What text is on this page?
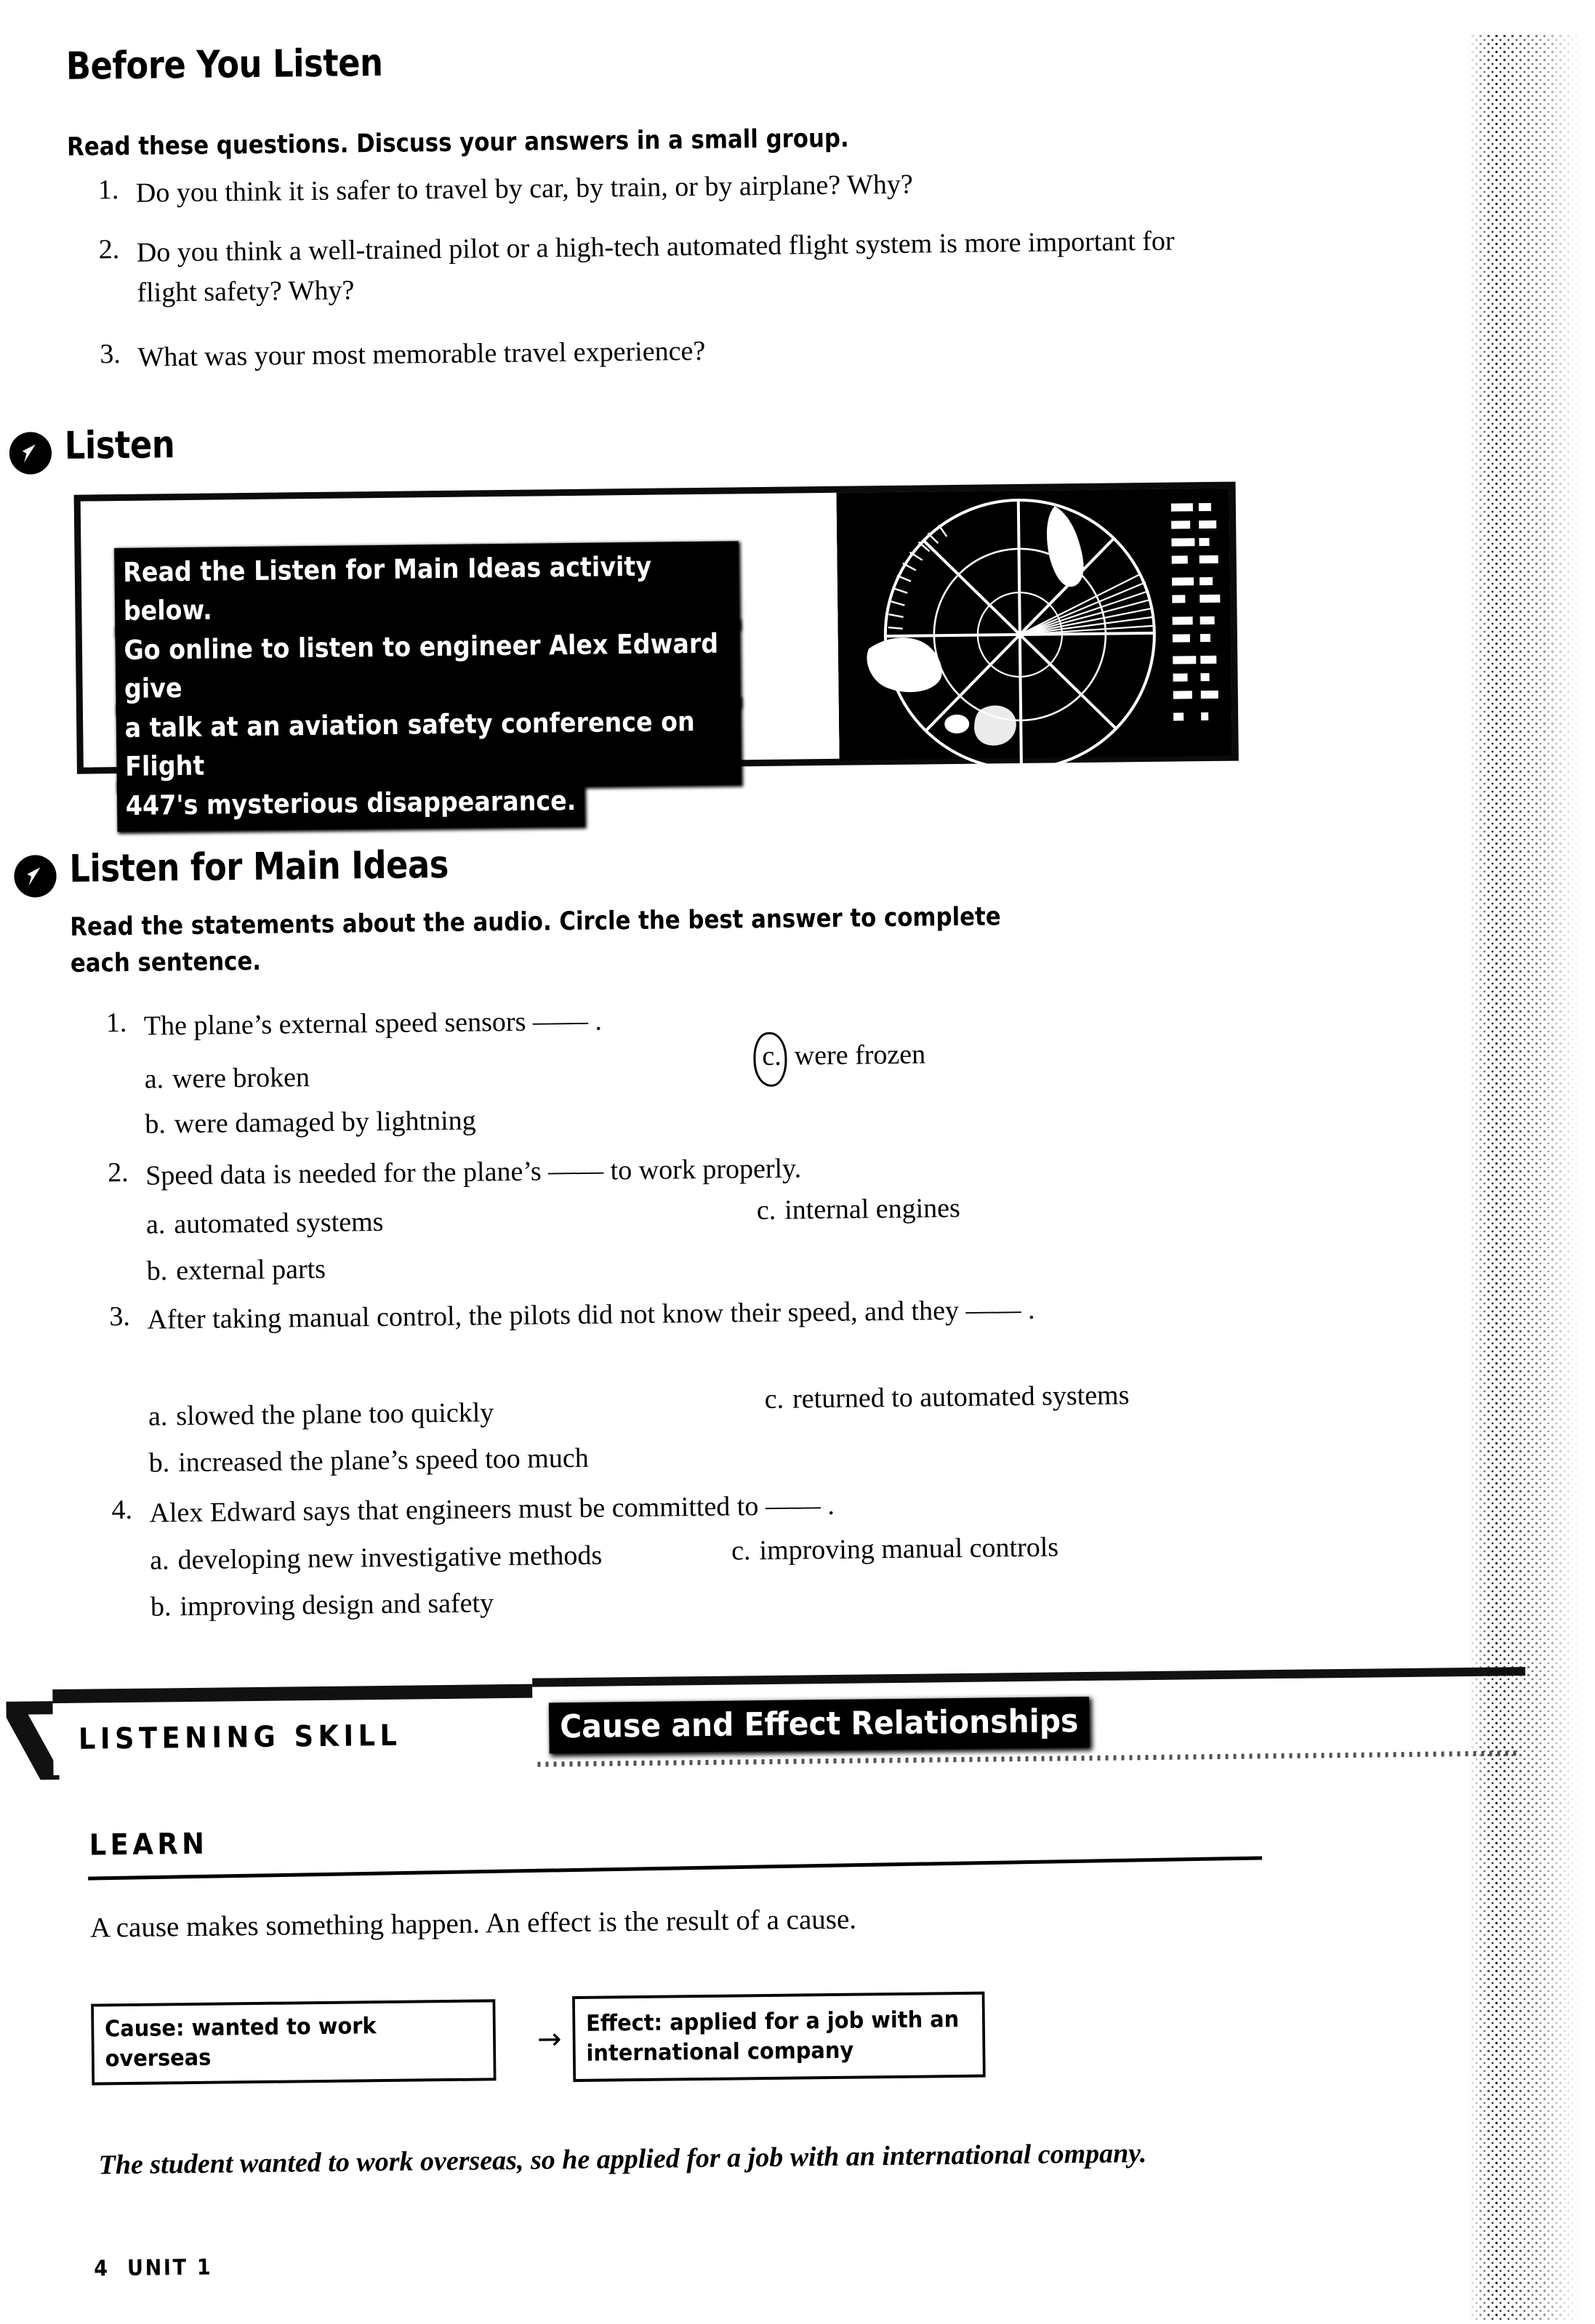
Before You Listen
Read these questions. Discuss your answers in a small group.
1. Do you think it is safer to travel by car, by train, or by airplane? Why?
2. Do you think a well-trained pilot or a high-tech automated flight system is more important for flight safety? Why?
3. What was your most memorable travel experience?
Listen
Read the Listen for Main Ideas activity below.
Go online to listen to engineer Alex Edward give
a talk at an aviation safety conference on Flight
447's mysterious disappearance.
Listen for Main Ideas
Read the statements about the audio. Circle the best answer to complete each sentence.
1. The plane’s external speed sensors —— .
a. were broken
b. were damaged by lightning
c. were frozen
2. Speed data is needed for the plane’s —— to work properly.
a. automated systems
b. external parts
c. internal engines
3. After taking manual control, the pilots did not know their speed, and they —— .
a. slowed the plane too quickly
b. increased the plane’s speed too much
c. returned to automated systems
4. Alex Edward says that engineers must be committed to —— .
a. developing new investigative methods
b. improving design and safety
c. improving manual controls
LISTENING SKILL	Cause and Effect Relationships
LEARN
A cause makes something happen. An effect is the result of a cause.
Cause: wanted to work overseas
→
Effect: applied for a job with an international company
The student wanted to work overseas, so he applied for a job with an international company.
4 UNIT 1
